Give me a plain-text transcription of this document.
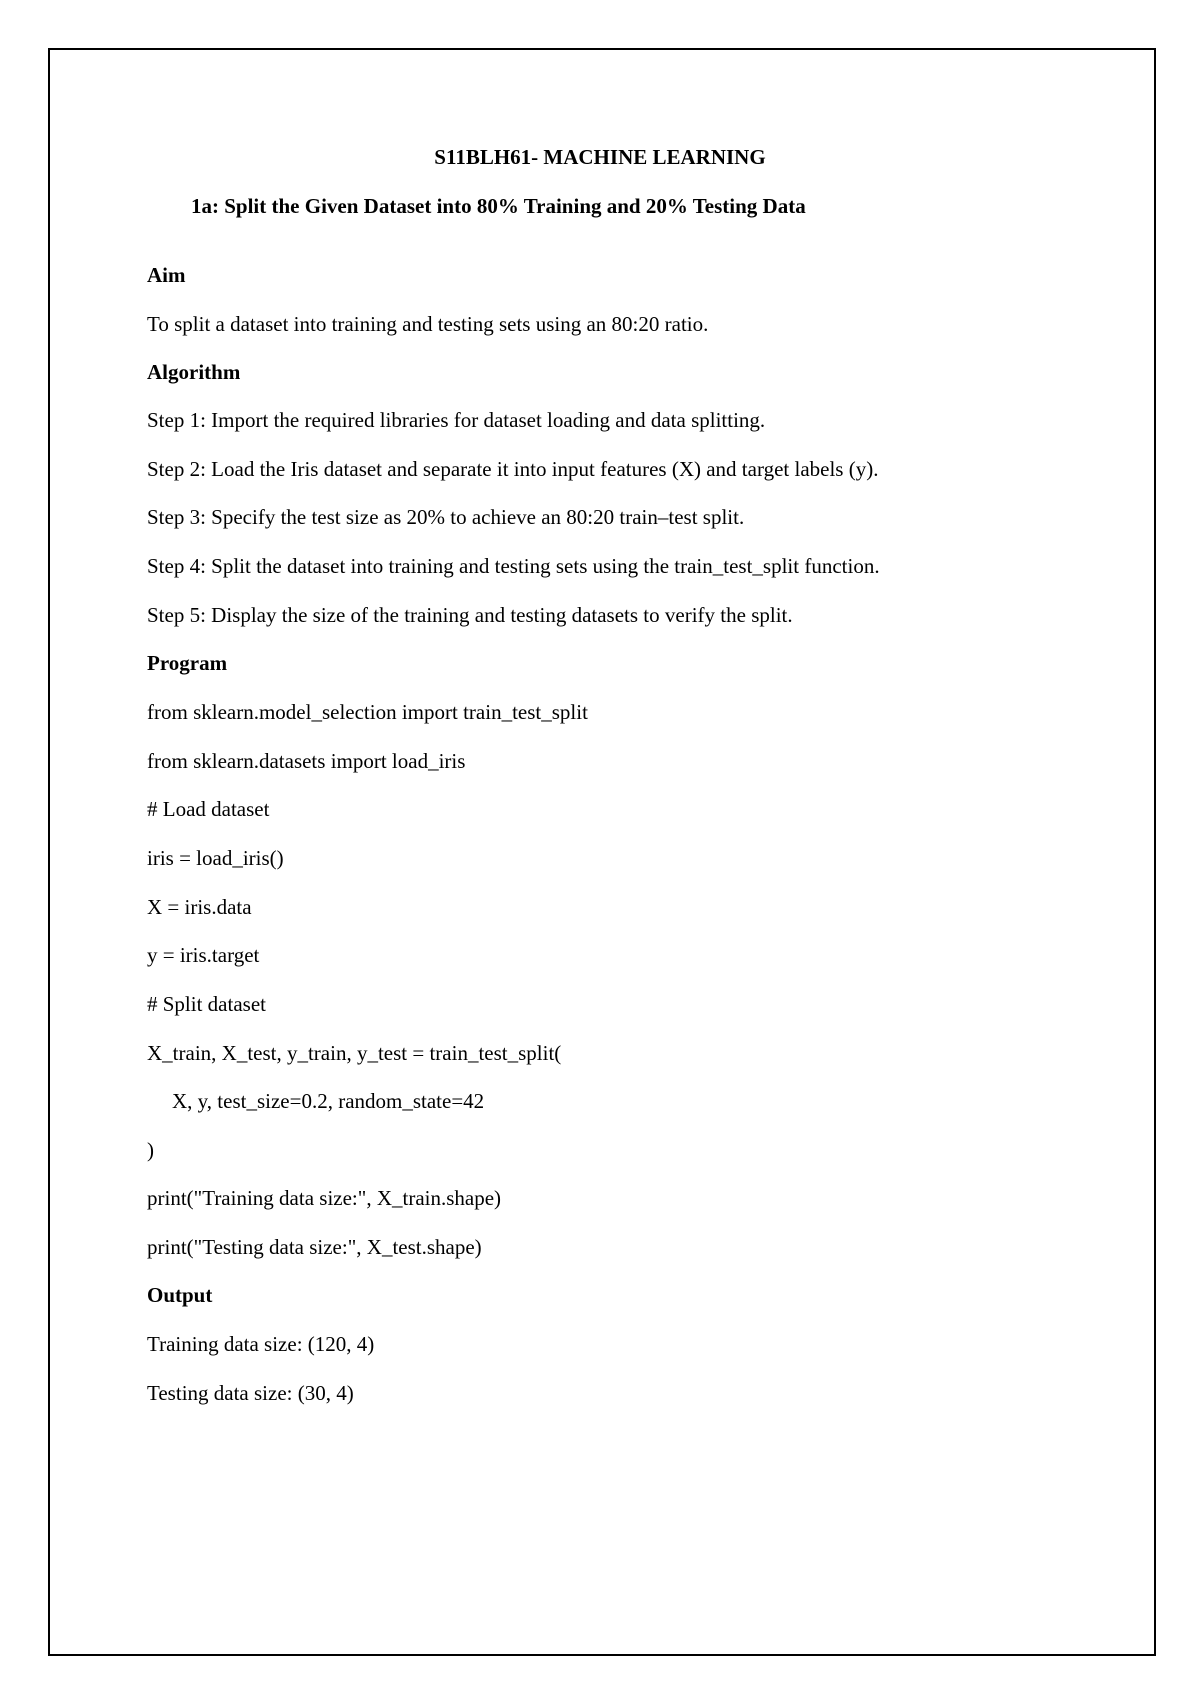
S11BLH61- MACHINE LEARNING
1a: Split the Given Dataset into 80% Training and 20% Testing Data
Aim
To split a dataset into training and testing sets using an 80:20 ratio.
Algorithm
Step 1: Import the required libraries for dataset loading and data splitting.
Step 2: Load the Iris dataset and separate it into input features (X) and target labels (y).
Step 3: Specify the test size as 20% to achieve an 80:20 train–test split.
Step 4: Split the dataset into training and testing sets using the train_test_split function.
Step 5: Display the size of the training and testing datasets to verify the split.
Program
from sklearn.model_selection import train_test_split
from sklearn.datasets import load_iris
# Load dataset
iris = load_iris()
X = iris.data
y = iris.target
# Split dataset
X_train, X_test, y_train, y_test = train_test_split(
X, y, test_size=0.2, random_state=42
)
print("Training data size:", X_train.shape)
print("Testing data size:", X_test.shape)
Output
Training data size: (120, 4)
Testing data size: (30, 4)
